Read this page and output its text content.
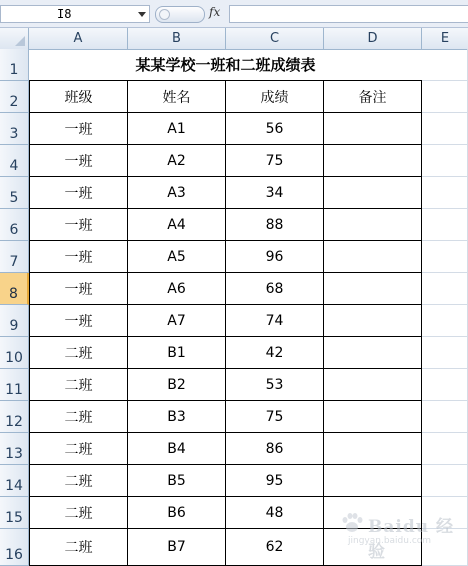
I8	fx
A	B	C	D	E
1
2
3
4
5
6
7
8
9
10
11
12
13
14
15
16
某某学校一班和二班成绩表
班级	姓名	成绩	备注
一班	A1	56
一班	A2	75
一班	A3	34
一班	A4	88
一班	A5	96
一班	A6	68
一班	A7	74
二班	B1	42
二班	B2	53
二班	B3	75
二班	B4	86
二班	B5	95
二班	B6	48
二班	B7	62
Baidu 经验
jingyan.baidu.com
